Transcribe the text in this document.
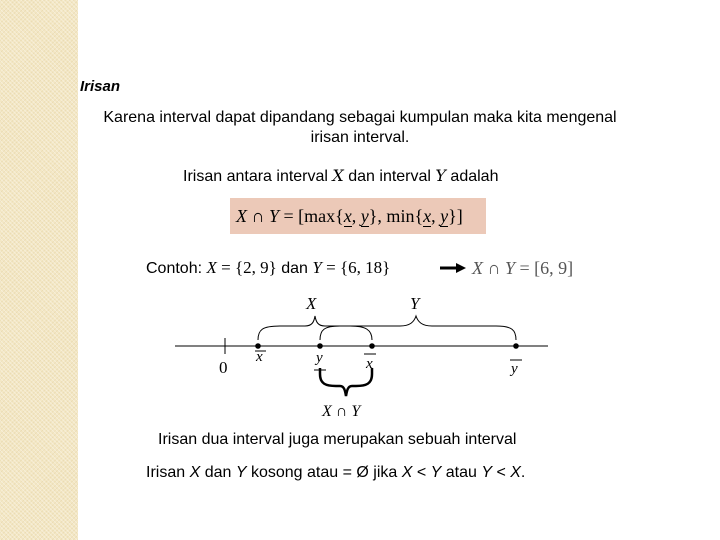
Irisan
Karena interval dapat dipandang sebagai kumpulan maka kita mengenal irisan interval.
Irisan antara interval X dan interval Y adalah
X ∩ Y = [max{x, y}, min{x, y}]
Contoh: X = {2, 9} dan Y = {6, 18}	X ∩ Y = [6, 9]
X	Y
0
x	y	x	y
X ∩ Y
Irisan dua interval juga merupakan sebuah interval
Irisan X dan Y kosong atau = Ø jika X < Y atau Y < X.
